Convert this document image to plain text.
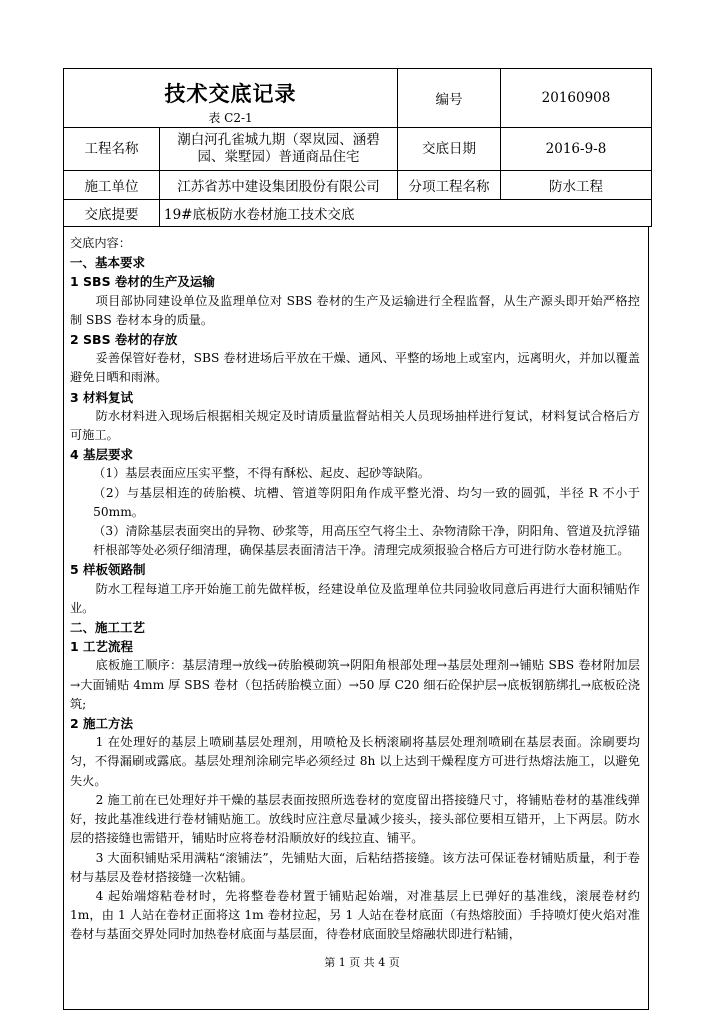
技术交底记录
表 C2-1		编号	20160908
工程名称	潮白河孔雀城九期（翠岚园、涵碧
园、棠墅园）普通商品住宅	交底日期	2016-9-8
施工单位	江苏省苏中建设集团股份有限公司	分项工程名称	防水工程
交底提要	19#底板防水卷材施工技术交底		

交底内容：

一、基本要求

1 SBS 卷材的生产及运输

项目部协同建设单位及监理单位对 SBS 卷材的生产及运输进行全程监督，从生产源头即开始严格控制 SBS 卷材本身的质量。

2 SBS 卷材的存放

妥善保管好卷材，SBS 卷材进场后平放在干燥、通风、平整的场地上或室内，远离明火，并加以覆盖避免日晒和雨淋。

3 材料复试

防水材料进入现场后根据相关规定及时请质量监督站相关人员现场抽样进行复试，材料复试合格后方可施工。

4 基层要求

（1）基层表面应压实平整，不得有酥松、起皮、起砂等缺陷。

（2）与基层相连的砖胎模、坑槽、管道等阴阳角作成平整光滑、均匀一致的圆弧，半径 R 不小于 50mm。

（3）清除基层表面突出的异物、砂浆等，用高压空气将尘土、杂物清除干净，阴阳角、管道及抗浮锚 杆根部等处必须仔细清理，确保基层表面清洁干净。清理完成须报验合格后方可进行防水卷材施工。

5 样板领路制

防水工程每道工序开始施工前先做样板，经建设单位及监理单位共同验收同意后再进行大面积铺贴作业。

二、施工工艺

1 工艺流程

底板施工顺序：基层清理→放线→砖胎模砌筑→阴阳角根部处理→基层处理剂→铺贴 SBS 卷材附加层→大面铺贴 4mm 厚 SBS 卷材（包括砖胎模立面）→50 厚 C20 细石砼保护层→底板钢筋绑扎→底板砼浇筑;

2 施工方法

1 在处理好的基层上喷刷基层处理剂，用喷枪及长柄滚刷将基层处理剂喷刷在基层表面。涂刷要均匀，不得漏刷或露底。基层处理剂涂刷完毕必须经过 8h 以上达到干燥程度方可进行热熔法施工，以避免失火。

2 施工前在已处理好并干燥的基层表面按照所选卷材的宽度留出搭接缝尺寸，将铺贴卷材的基准线弹好，按此基准线进行卷材铺贴施工。放线时应注意尽量减少接头，接头部位要相互错开，上下两层。防水层的搭接缝也需错开，铺贴时应将卷材沿顺放好的线拉直、铺平。

3 大面积铺贴采用满粘“滚铺法”，先铺贴大面，后粘结搭接缝。该方法可保证卷材铺贴质量，利于卷材与基层及卷材搭接缝一次粘铺。

4 起始端熔粘卷材时，先将整卷卷材置于铺贴起始端，对准基层上已弹好的基准线，滚展卷材约 1m，由 1 人站在卷材正面将这 1m 卷材拉起，另 1 人站在卷材底面（有热熔胶面）手持喷灯使火焰对准卷材与基面交界处同时加热卷材底面与基层面，待卷材底面胶呈熔融状即进行粘铺，

第 1 页 共 4 页
